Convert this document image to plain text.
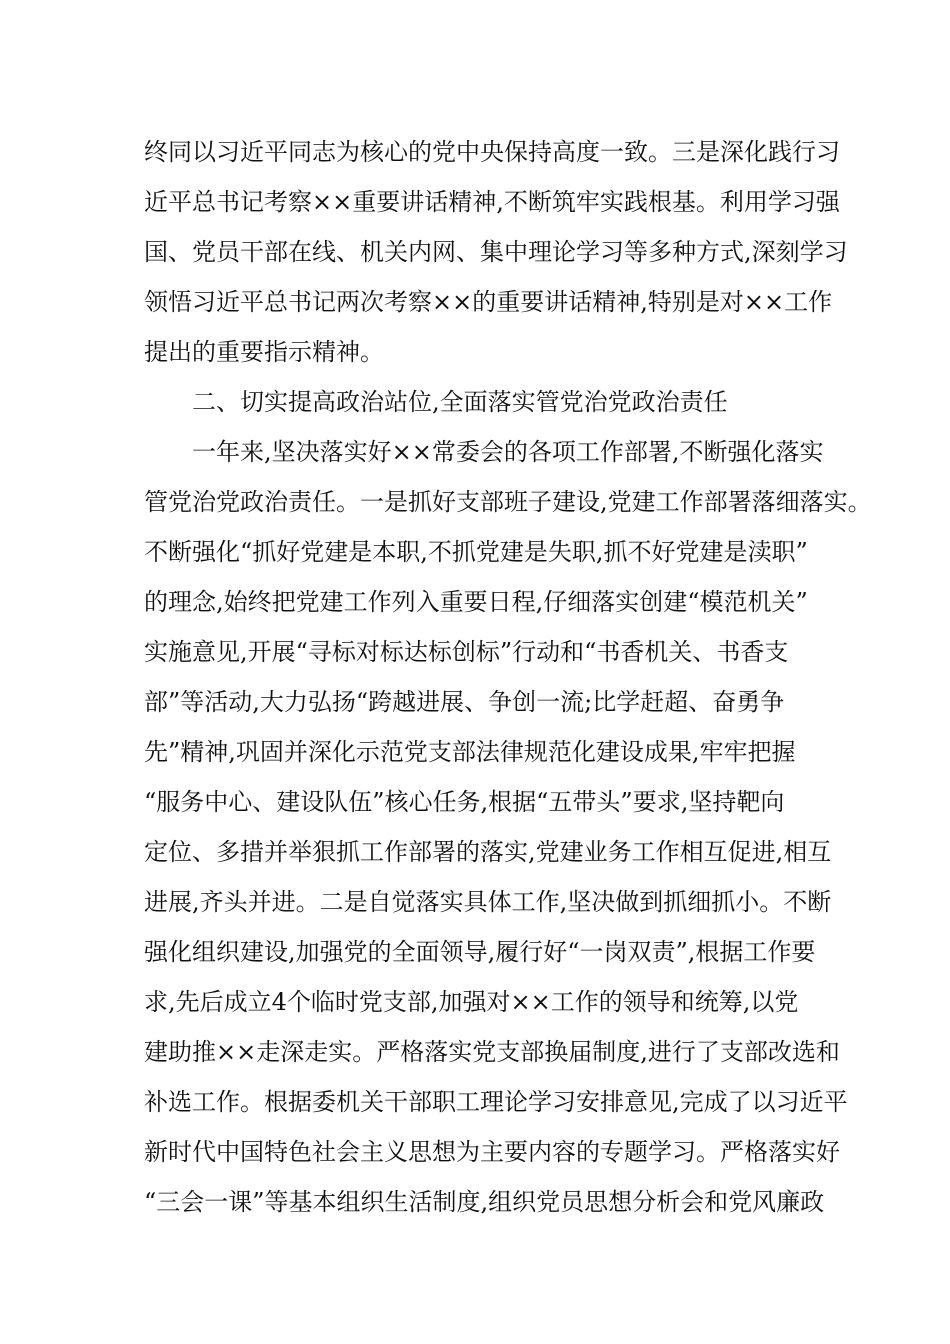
终同以习近平同志为核心的党中央保持高度一致。三是深化践行习
近平总书记考察××重要讲话精神,不断筑牢实践根基。利用学习强
国、党员干部在线、机关内网、集中理论学习等多种方式,深刻学习
领悟习近平总书记两次考察××的重要讲话精神,特别是对××工作
提出的重要指示精神。
二、切实提高政治站位,全面落实管党治党政治责任
一年来,坚决落实好××常委会的各项工作部署,不断强化落实
管党治党政治责任。一是抓好支部班子建设,党建工作部署落细落实。
不断强化“抓好党建是本职,不抓党建是失职,抓不好党建是渎职”
的理念,始终把党建工作列入重要日程,仔细落实创建“模范机关”
实施意见,开展“寻标对标达标创标”行动和“书香机关、书香支
部”等活动,大力弘扬“跨越进展、争创一流;比学赶超、奋勇争
先”精神,巩固并深化示范党支部法律规范化建设成果,牢牢把握
“服务中心、建设队伍”核心任务,根据“五带头”要求,坚持靶向
定位、多措并举狠抓工作部署的落实,党建业务工作相互促进,相互
进展,齐头并进。二是自觉落实具体工作,坚决做到抓细抓小。不断
强化组织建设,加强党的全面领导,履行好“一岗双责”,根据工作要
求,先后成立4个临时党支部,加强对××工作的领导和统筹,以党
建助推××走深走实。严格落实党支部换届制度,进行了支部改选和
补选工作。根据委机关干部职工理论学习安排意见,完成了以习近平
新时代中国特色社会主义思想为主要内容的专题学习。严格落实好
“三会一课”等基本组织生活制度,组织党员思想分析会和党风廉政
